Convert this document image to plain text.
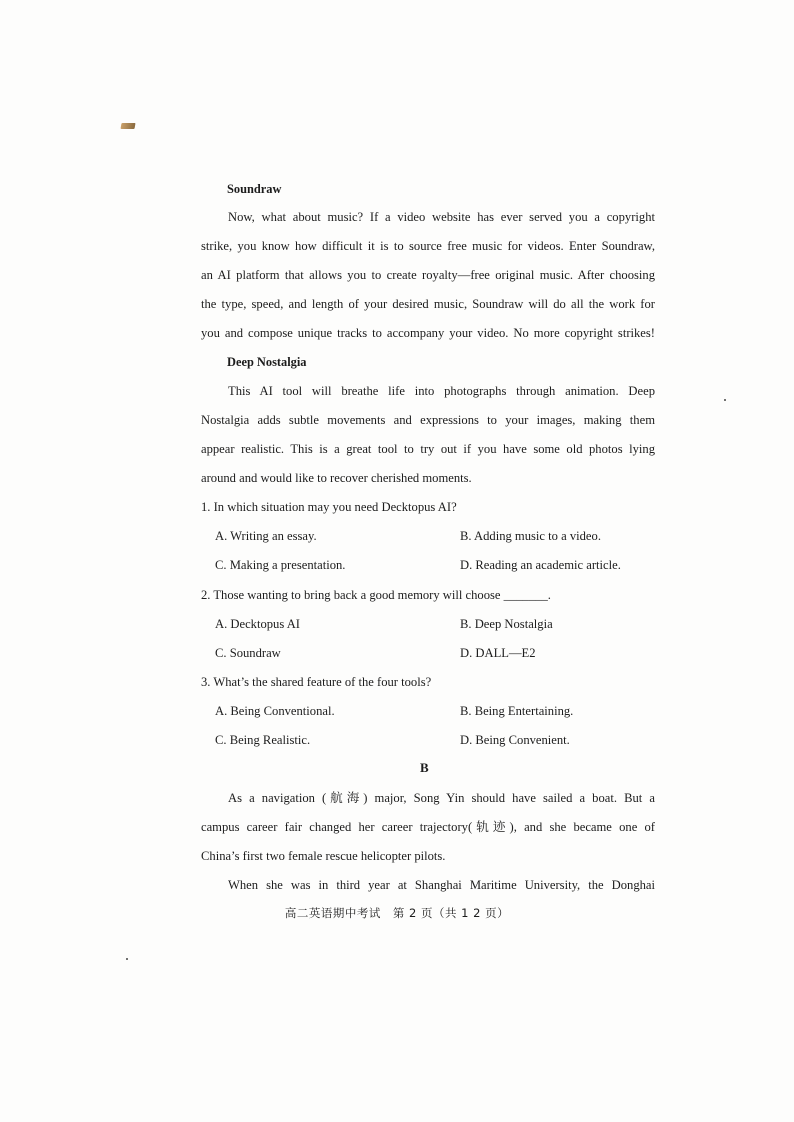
Soundraw
Now, what about music? If a video website has ever served you a copyright
strike, you know how difficult it is to source free music for videos. Enter Soundraw,
an AI platform that allows you to create royalty—free original music. After choosing
the type, speed, and length of your desired music, Soundraw will do all the work for
you and compose unique tracks to accompany your video. No more copyright strikes!
Deep Nostalgia
This AI tool will breathe life into photographs through animation. Deep
Nostalgia adds subtle movements and expressions to your images, making them
appear realistic. This is a great tool to try out if you have some old photos lying
around and would like to recover cherished moments.
1. In which situation may you need Decktopus AI?
A. Writing an essay.	B. Adding music to a video.
C. Making a presentation.	D. Reading an academic article.
2. Those wanting to bring back a good memory will choose _______.
A. Decktopus AI	B. Deep Nostalgia
C. Soundraw	D. DALL—E2
3. What’s the shared feature of the four tools?
A. Being Conventional.	B. Being Entertaining.
C. Being Realistic.	D. Being Convenient.
B
As a navigation (航海) major, Song Yin should have sailed a boat. But a
campus career fair changed her career trajectory(轨迹), and she became one of
China’s first two female rescue helicopter pilots.
When she was in third year at Shanghai Maritime University, the Donghai
高二英语期中考试　第 2 页（共 1 2 页）
